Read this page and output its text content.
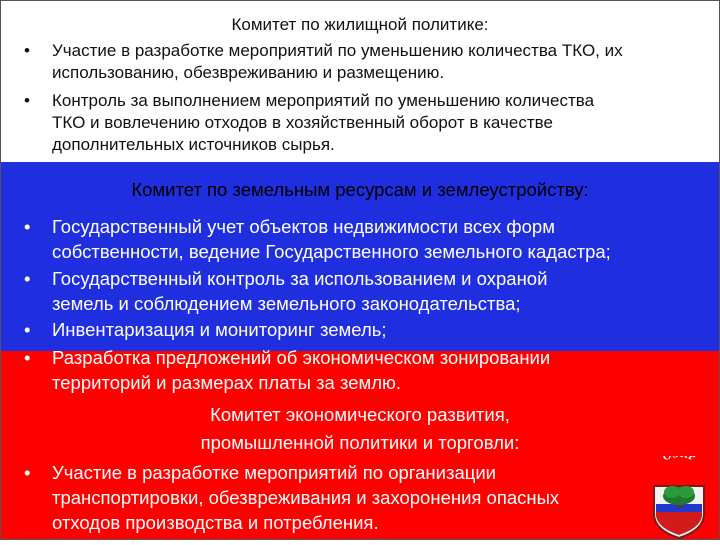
Комитет по жилищной политике:
• Участие в разработке мероприятий по уменьшению количества ТКО, их
использованию, обезвреживанию и размещению.
• Контроль за выполнением мероприятий по уменьшению количества
ТКО и вовлечению отходов в хозяйственный оборот в качестве
дополнительных источников сырья.
Комитет по земельным ресурсам и землеустройству:
• Государственный учет объектов недвижимости всех форм
собственности, ведение Государственного земельного кадастра;
• Государственный контроль за использованием и охраной
земель и соблюдением земельного законодательства;
• Инвентаризация и мониторинг земель;
• Разработка предложений об экономическом зонировании
территорий и размерах платы за землю.
Комитет экономического развития,
промышленной политики и торговли:
• Участие в разработке мероприятий по организации
транспортировки, обезвреживания и захоронения опасных
отходов производства и потребления.
О Р
